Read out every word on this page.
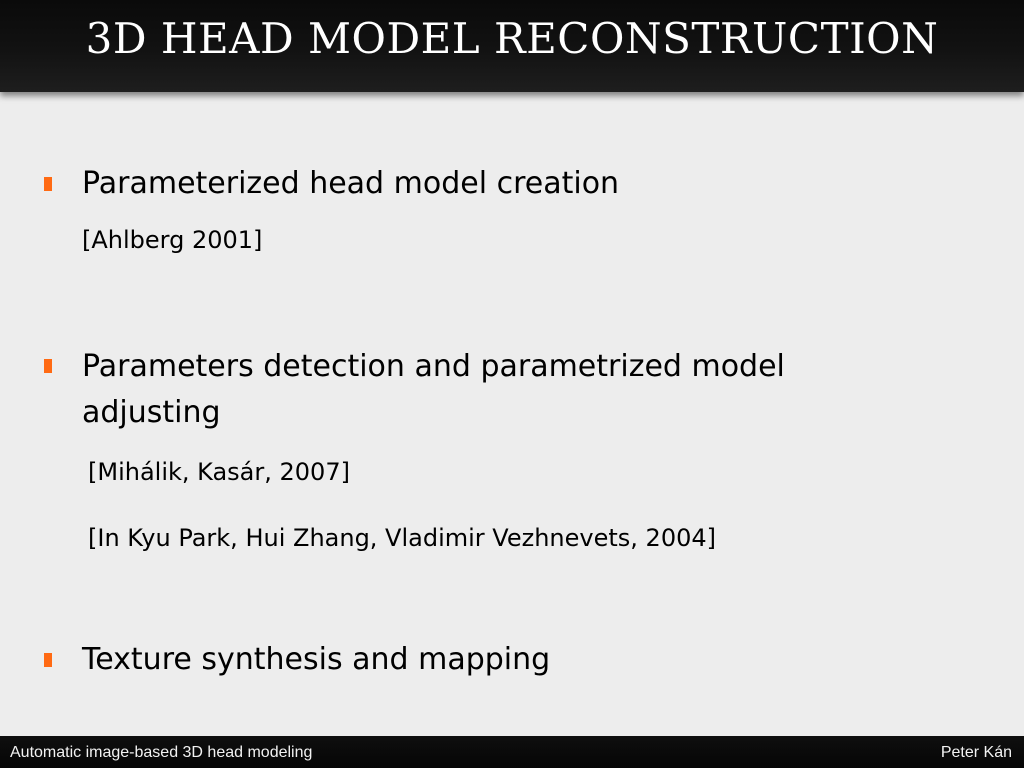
Parameterized head model creation
[Ahlberg 2001]
Parameters detection and parametrized model
adjusting
[Mihálik, Kasár, 2007]
[In Kyu Park, Hui Zhang, Vladimir Vezhnevets, 2004]
Texture synthesis and mapping
3D HEAD MODEL RECONSTRUCTION
Automatic image-based 3D head modeling	Peter Kán
